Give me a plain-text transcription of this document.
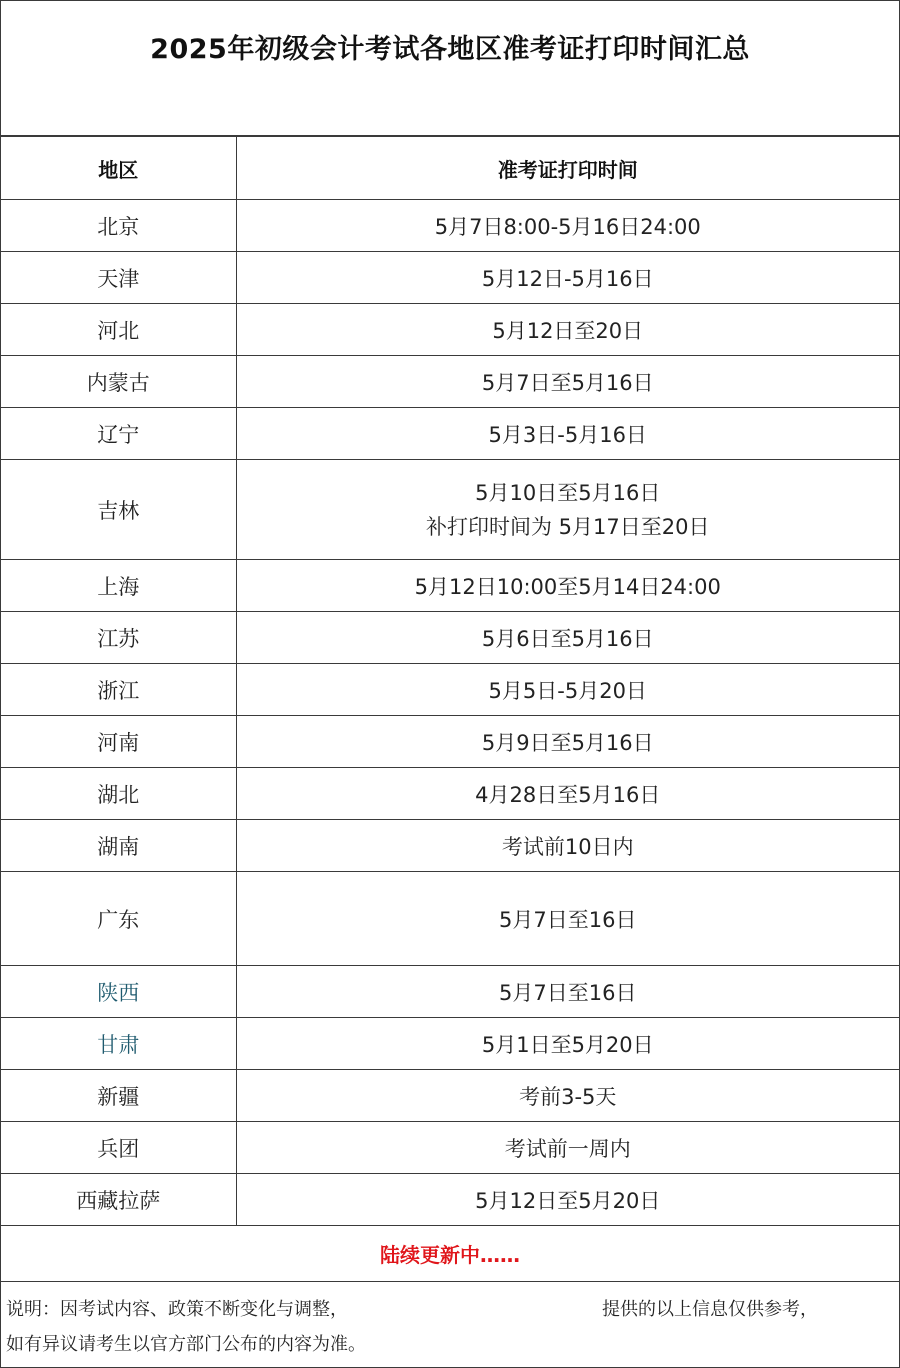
2025年初级会计考试各地区准考证打印时间汇总
地区	准考证打印时间
北京	5月7日8:00-5月16日24:00
天津	5月12日-5月16日
河北	5月12日至20日
内蒙古	5月7日至5月16日
辽宁	5月3日-5月16日
吉林	5月10日至5月16日
补打印时间为 5月17日至20日

上海	5月12日10:00至5月14日24:00
江苏	5月6日至5月16日
浙江	5月5日-5月20日
河南	5月9日至5月16日
湖北	4月28日至5月16日
湖南	考试前10日内
广东	5月7日至16日
陕西	5月7日至16日
甘肃	5月1日至5月20日
新疆	考前3-5天
兵团	考试前一周内
西藏拉萨	5月12日至5月20日
陆续更新中……	
说明：因考试内容、政策不断变化与调整，	提供的以上信息仅供参考，
如有异议请考生以官方部门公布的内容为准。
